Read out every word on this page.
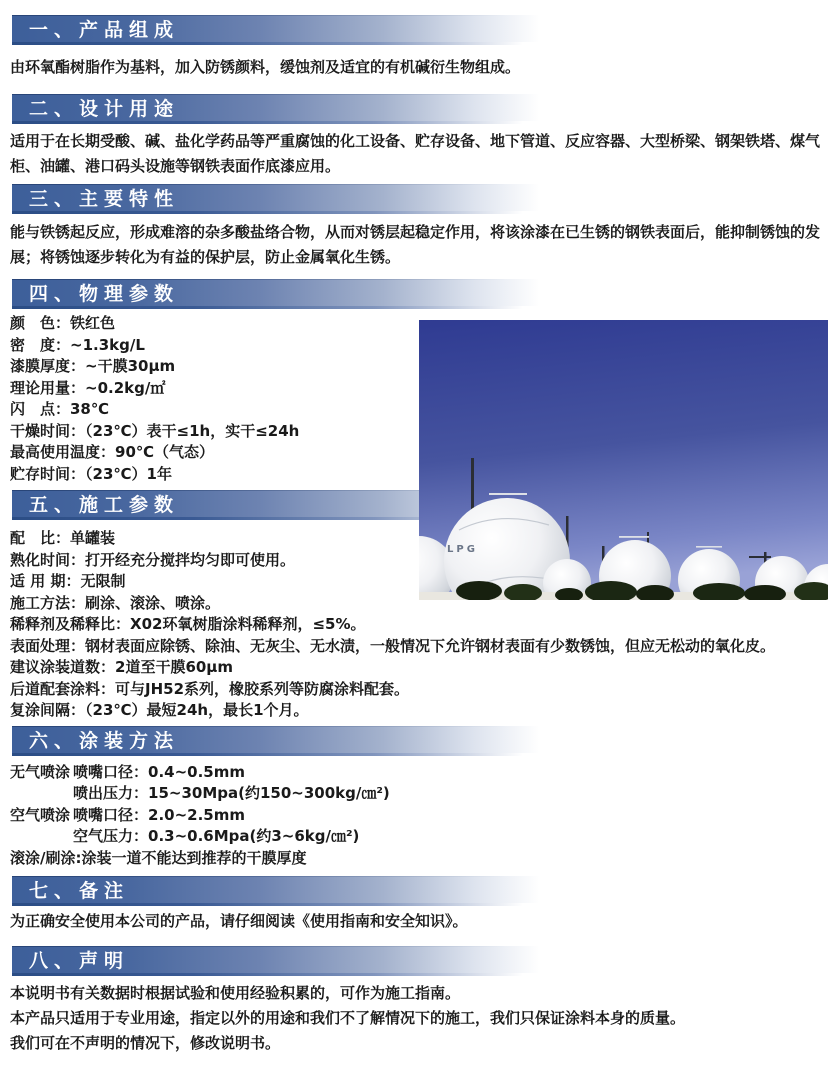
一、产品组成

由环氧酯树脂作为基料，加入防锈颜料，缓蚀剂及适宜的有机碱衍生物组成。

二、设计用途

适用于在长期受酸、碱、盐化学药品等严重腐蚀的化工设备、贮存设备、地下管道、反应容器、大型桥梁、钢架铁塔、煤气柜、油罐、港口码头设施等钢铁表面作底漆应用。

三、主要特性

能与铁锈起反应，形成难溶的杂多酸盐络合物，从而对锈层起稳定作用，将该涂漆在已生锈的钢铁表面后，能抑制锈蚀的发展；将锈蚀逐步转化为有益的保护层，防止金属氧化生锈。

四、物理参数
颜　色：铁红色
密　度：~1.3kg/L
漆膜厚度：~干膜30μm
理论用量：~0.2kg/㎡
闪　点：38℃
干燥时间：（23℃）表干≤1h，实干≤24h
最高使用温度：90℃（气态）
贮存时间：（23℃）1年
五、施工参数
配　比：单罐装
熟化时间：打开经充分搅拌均匀即可使用。
适 用 期：无限制
施工方法：刷涂、滚涂、喷涂。
稀释剂及稀释比：X02环氧树脂涂料稀释剂，≤5%。
表面处理：钢材表面应除锈、除油、无灰尘、无水渍，一般情况下允许钢材表面有少数锈蚀，但应无松动的氧化皮。
建议涂装道数：2道至干膜60μm
后道配套涂料：可与JH52系列，橡胶系列等防腐涂料配套。
复涂间隔：（23℃）最短24h，最长1个月。
六、涂装方法
无气喷涂 喷嘴口径：0.4~0.5mm
喷出压力：15~30Mpa(约150~300kg/㎝²)
空气喷涂 喷嘴口径：2.0~2.5mm
空气压力：0.3~0.6Mpa(约3~6kg/㎝²)
滚涂/刷涂: 涂装一道不能达到推荐的干膜厚度
七、备注

为正确安全使用本公司的产品，请仔细阅读《使用指南和安全知识》。

八、声明

本说明书有关数据时根据试验和使用经验积累的，可作为施工指南。

本产品只适用于专业用途，指定以外的用途和我们不了解情况下的施工，我们只保证涂料本身的质量。

我们可在不声明的情况下，修改说明书。

LPG
